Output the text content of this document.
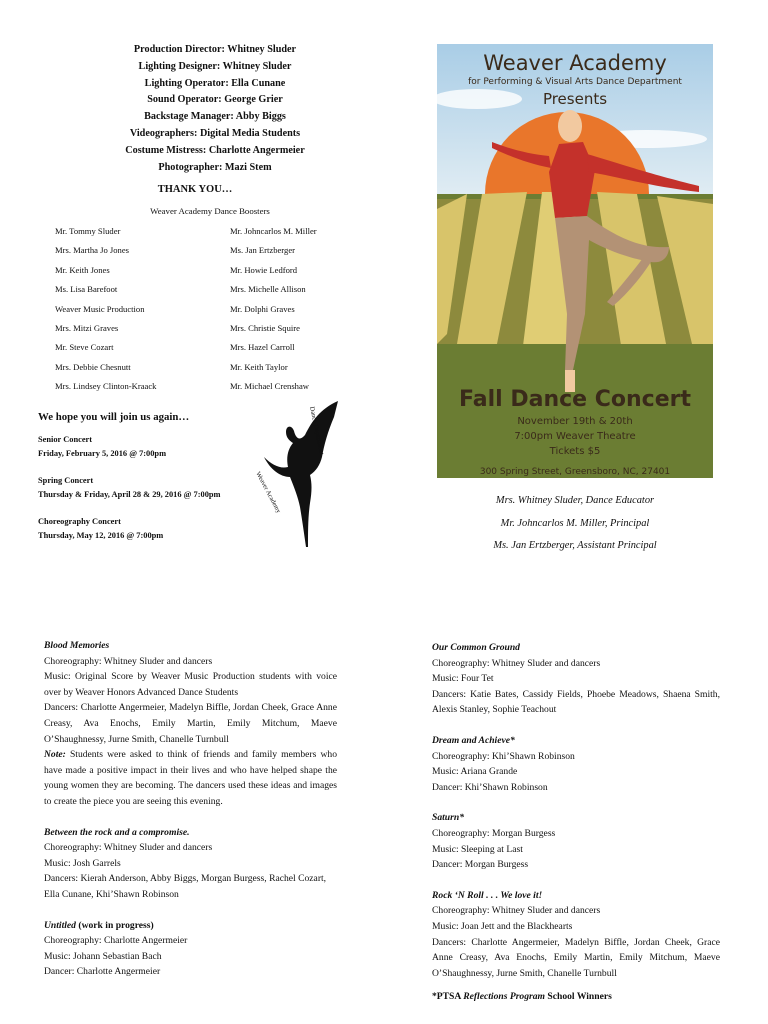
Production Director: Whitney Sluder
Lighting Designer: Whitney Sluder
Lighting Operator: Ella Cunane
Sound Operator: George Grier
Backstage Manager: Abby Biggs
Videographers: Digital Media Students
Costume Mistress: Charlotte Angermeier
Photographer: Mazi Stem
THANK YOU…
Weaver Academy Dance Boosters
Mr. Tommy Sluder
Mrs. Martha Jo Jones
Mr. Keith Jones
Ms. Lisa Barefoot
Weaver Music Production
Mrs. Mitzi Graves
Mr. Steve Cozart
Mrs. Debbie Chesnutt
Mrs. Lindsey Clinton-Kraack
Mr. Johncarlos M. Miller
Ms. Jan Ertzberger
Mr. Howie Ledford
Mrs. Michelle Allison
Mr. Dolphi Graves
Mrs. Christie Squire
Mrs. Hazel Carroll
Mr. Keith Taylor
Mr. Michael Crenshaw
We hope you will join us again…
Senior Concert
Friday, February 5, 2016 @ 7:00pm
Spring Concert
Thursday & Friday, April 28 & 29, 2016 @ 7:00pm
Choreography Concert
Thursday, May 12, 2016 @ 7:00pm
Weaver Academy
Dance Department
Weaver Academy
for Performing & Visual Arts Dance Department
Presents
Fall Dance Concert
November 19th & 20th
7:00pm Weaver Theatre
Tickets $5
300 Spring Street, Greensboro, NC, 27401
Mrs. Whitney Sluder, Dance Educator
Mr. Johncarlos M. Miller, Principal
Ms. Jan Ertzberger, Assistant Principal
Blood Memories
Choreography: Whitney Sluder and dancers
Music: Original Score by Weaver Music Production students with voice over by Weaver Honors Advanced Dance Students
Dancers: Charlotte Angermeier, Madelyn Biffle, Jordan Cheek, Grace Anne Creasy, Ava Enochs, Emily Martin, Emily Mitchum, Maeve O’Shaughnessy, Jurne Smith, Chanelle Turnbull
Note: Students were asked to think of friends and family members who have made a positive impact in their lives and who have helped shape the young women they are becoming. The dancers used these ideas and images to create the piece you are seeing this evening.
Between the rock and a compromise.
Choreography: Whitney Sluder and dancers
Music: Josh Garrels
Dancers: Kierah Anderson, Abby Biggs, Morgan Burgess, Rachel Cozart, Ella Cunane, Khi’Shawn Robinson
Untitled (work in progress)
Choreography: Charlotte Angermeier
Music: Johann Sebastian Bach
Dancer: Charlotte Angermeier
Our Common Ground
Choreography: Whitney Sluder and dancers
Music: Four Tet
Dancers: Katie Bates, Cassidy Fields, Phoebe Meadows, Shaena Smith, Alexis Stanley, Sophie Teachout
Dream and Achieve*
Choreography: Khi’Shawn Robinson
Music: Ariana Grande
Dancer: Khi’Shawn Robinson
Saturn*
Choreography: Morgan Burgess
Music: Sleeping at Last
Dancer: Morgan Burgess
Rock ‘N Roll . . . We love it!
Choreography: Whitney Sluder and dancers
Music: Joan Jett and the Blackhearts
Dancers: Charlotte Angermeier, Madelyn Biffle, Jordan Cheek, Grace Anne Creasy, Ava Enochs, Emily Martin, Emily Mitchum, Maeve O’Shaughnessy, Jurne Smith, Chanelle Turnbull
*PTSA Reflections Program School Winners
